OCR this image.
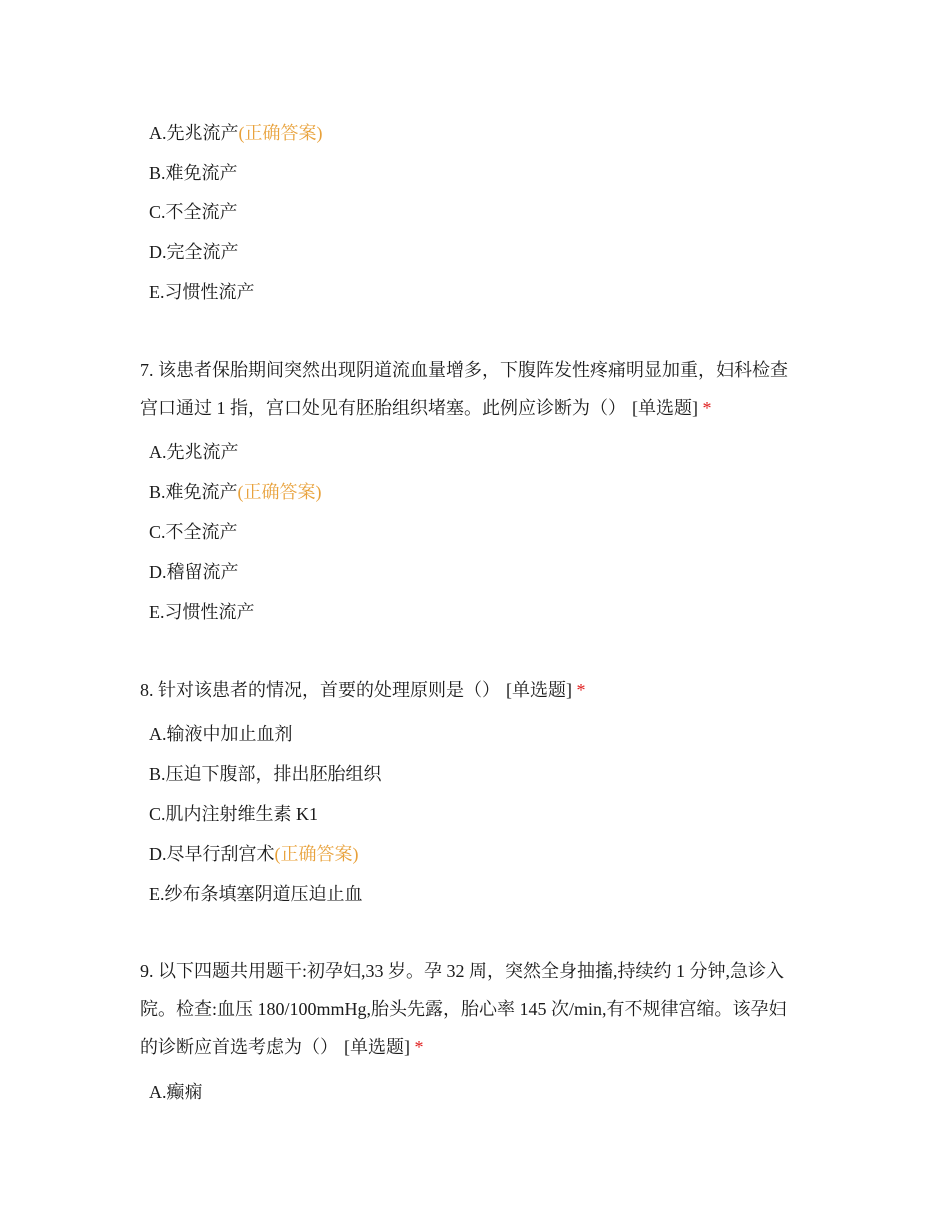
A.先兆流产(正确答案)
B.难免流产
C.不全流产
D.完全流产
E.习惯性流产
7. 该患者保胎期间突然出现阴道流血量增多，下腹阵发性疼痛明显加重，妇科检查
宫口通过 1 指，宫口处见有胚胎组织堵塞。此例应诊断为（） [单选题] *
A.先兆流产
B.难免流产(正确答案)
C.不全流产
D.稽留流产
E.习惯性流产
8. 针对该患者的情况，首要的处理原则是（） [单选题] *
A.输液中加止血剂
B.压迫下腹部，排出胚胎组织
C.肌内注射维生素 K1
D.尽早行刮宫术(正确答案)
E.纱布条填塞阴道压迫止血
9. 以下四题共用题干:初孕妇,33 岁。孕 32 周，突然全身抽搐,持续约 1 分钟,急诊入
院。检查:血压 180/100mmHg,胎头先露，胎心率 145 次/min,有不规律宫缩。该孕妇
的诊断应首选考虑为（） [单选题] *
A.癫痫
